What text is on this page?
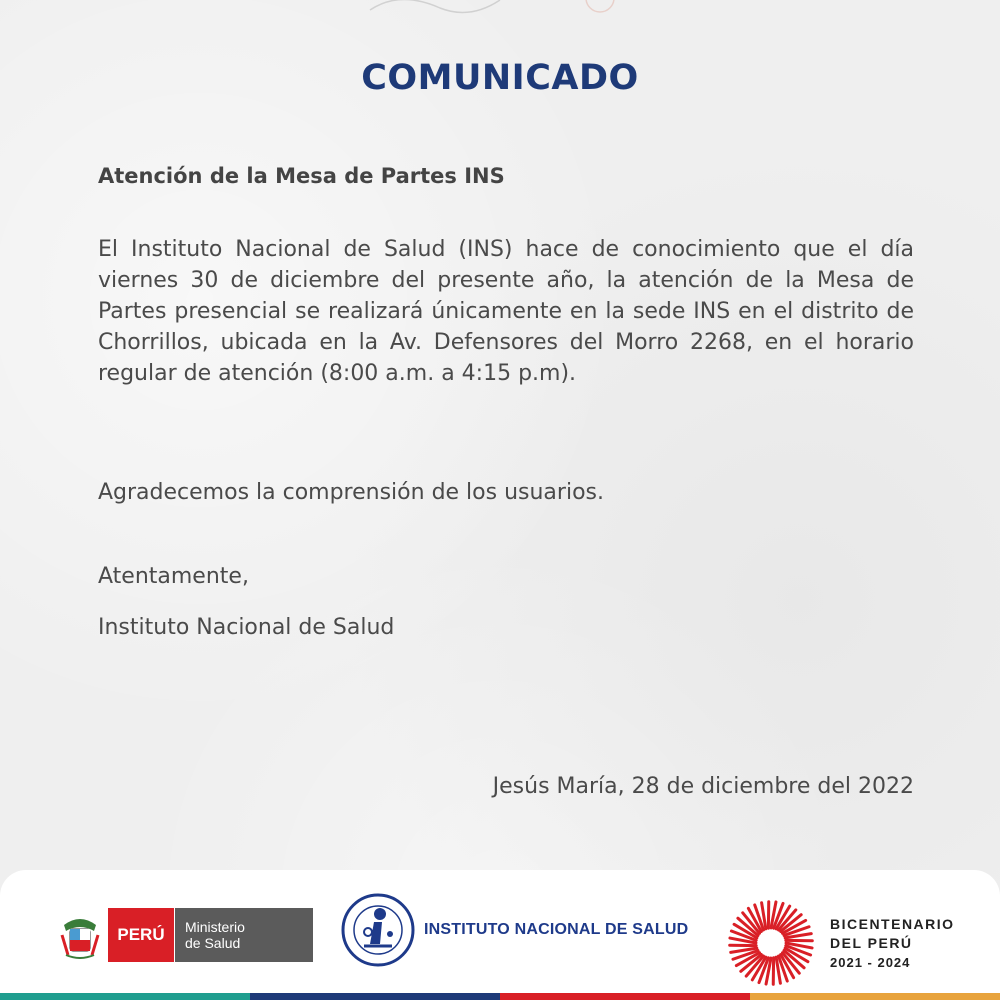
COMUNICADO
Atención de la Mesa de Partes INS
El Instituto Nacional de Salud (INS) hace de conocimiento que el día viernes 30 de diciembre del presente año, la atención de la Mesa de Partes presencial se realizará únicamente en la sede INS en el distrito de Chorrillos, ubicada en la Av. Defensores del Morro 2268, en el horario regular de atención (8:00 a.m. a 4:15 p.m).
Agradecemos la comprensión de los usuarios.
Atentamente,
Instituto Nacional de Salud
Jesús María, 28 de diciembre del 2022
PERÚ	Ministerio
de Salud
INSTITUTO NACIONAL DE SALUD	BICENTENARIO
DEL PERÚ
2021 - 2024
